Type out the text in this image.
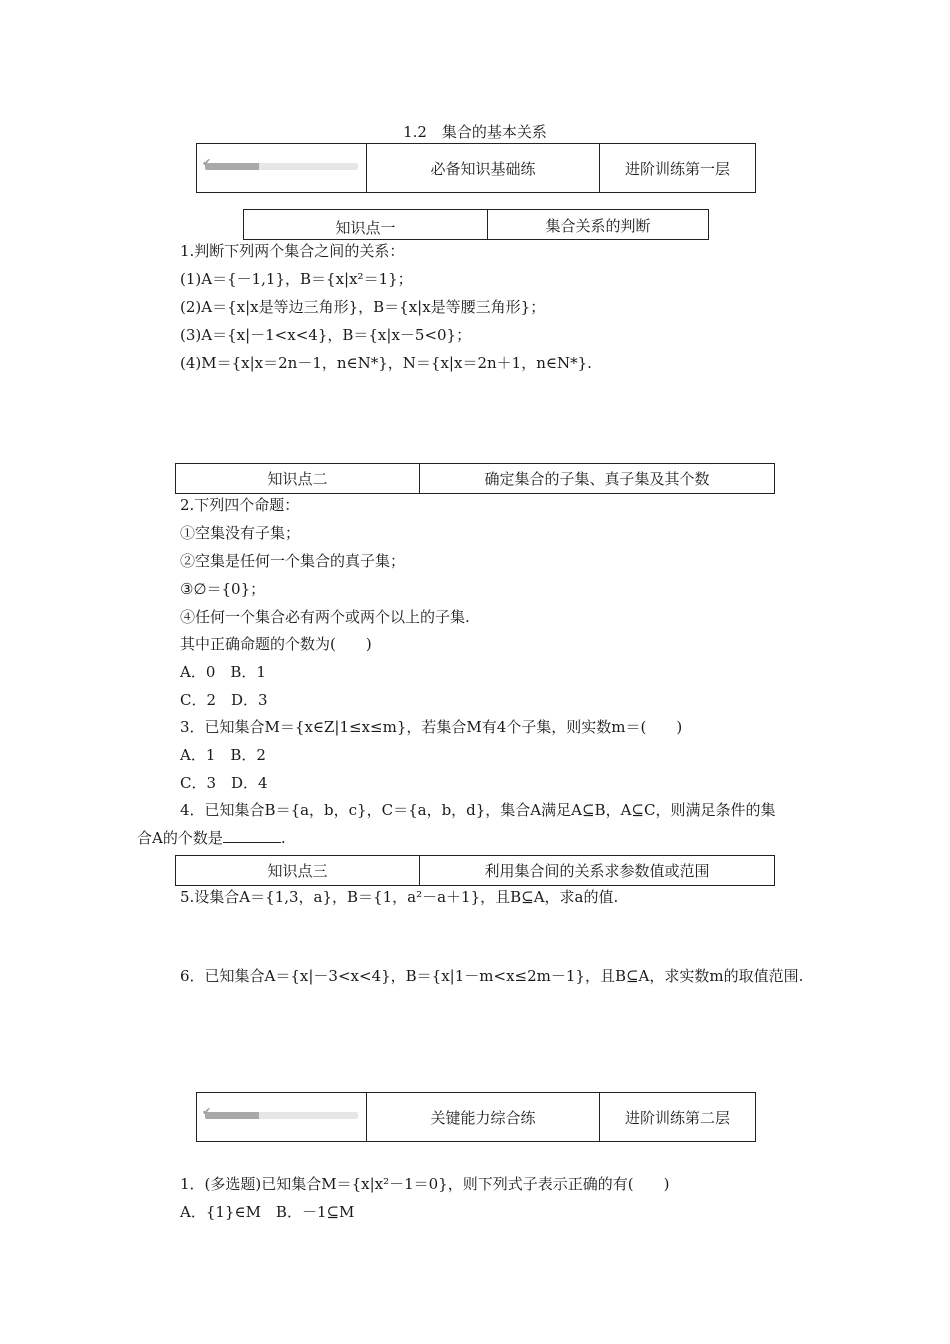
1.2　集合的基本关系
✔	必备知识基础练	进阶训练第一层
知识点一	集合关系的判断
1.判断下列两个集合之间的关系：
(1)A＝{－1,1}，B＝{x|x²＝1}；
(2)A＝{x|x是等边三角形}，B＝{x|x是等腰三角形}；
(3)A＝{x|－1<x<4}，B＝{x|x－5<0}；
(4)M＝{x|x＝2n－1，n∈N*}，N＝{x|x＝2n＋1，n∈N*}.
知识点二	确定集合的子集、真子集及其个数
2.下列四个命题：
①空集没有子集；
②空集是任何一个集合的真子集；
③∅＝{0}；
④任何一个集合必有两个或两个以上的子集.
其中正确命题的个数为(　　)
A．0　B．1
C．2　D．3
3．已知集合M＝{x∈Z|1≤x≤m}，若集合M有4个子集，则实数m＝(　　)
A．1　B．2
C．3　D．4
4．已知集合B＝{a，b，c}，C＝{a，b，d}，集合A满足A⊆B，A⊆C，则满足条件的集
合A的个数是	.
知识点三	利用集合间的关系求参数值或范围
5.设集合A＝{1,3，a}，B＝{1，a²－a＋1}，且B⊆A，求a的值.
6．已知集合A＝{x|－3<x<4}，B＝{x|1－m<x≤2m－1}，且B⊆A，求实数m的取值范围.
✔	关键能力综合练	进阶训练第二层
1．(多选题)已知集合M＝{x|x²－1＝0}，则下列式子表示正确的有(　　)
A．{1}∈M　B．－1⊆M
